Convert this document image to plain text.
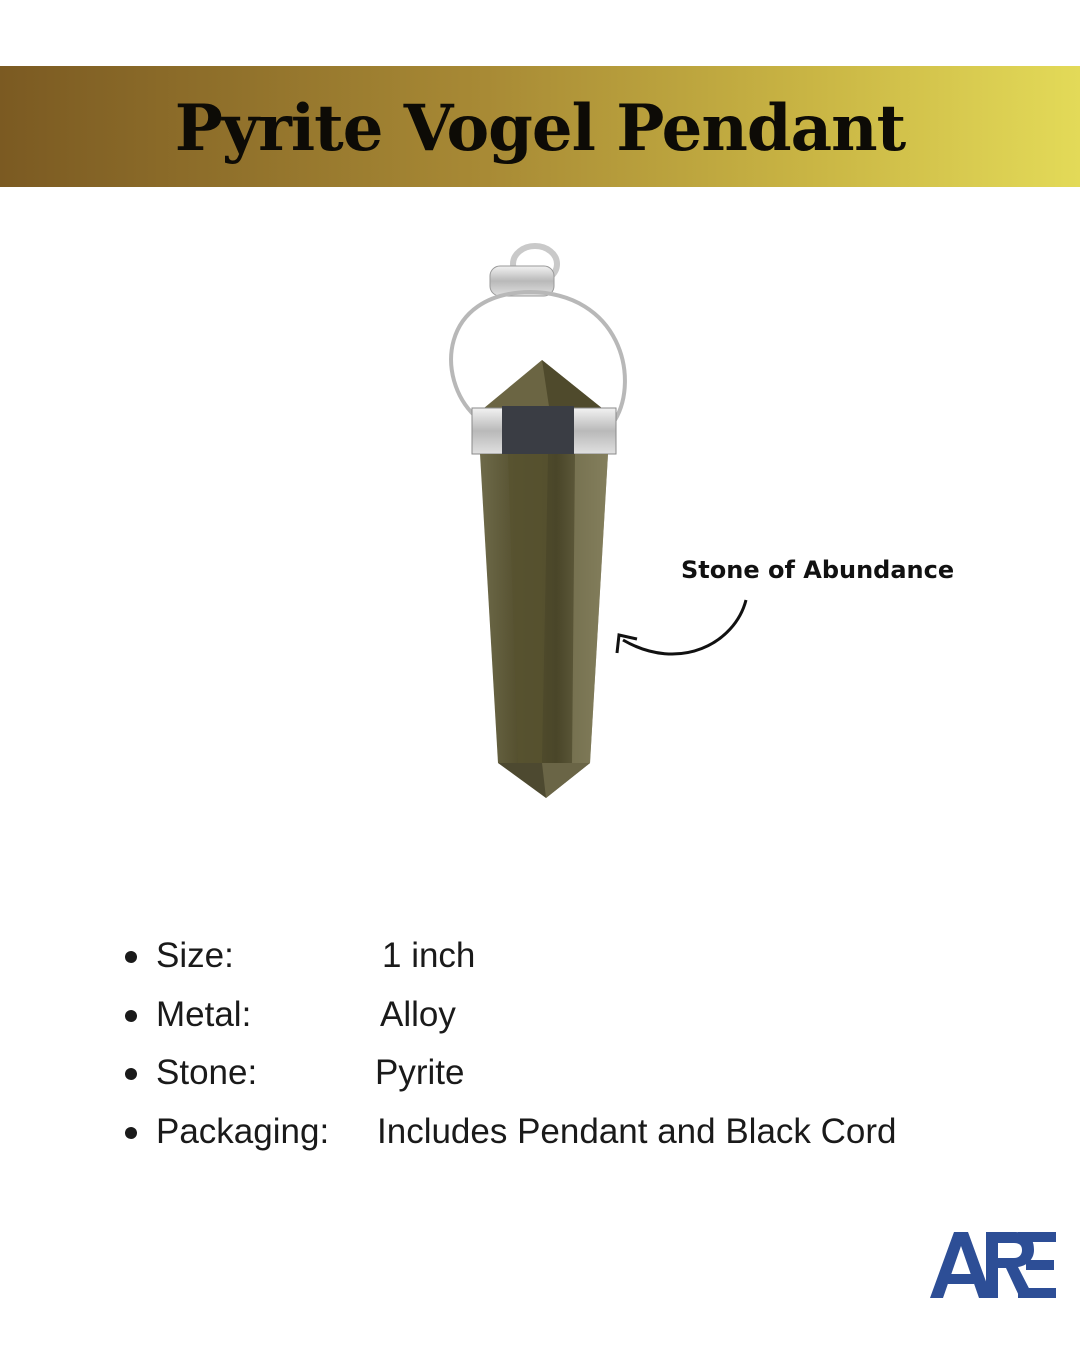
Pyrite Vogel Pendant
Stone of Abundance
Size:	1 inch
Metal:	Alloy
Stone:	Pyrite
Packaging: Includes Pendant and Black Cord
